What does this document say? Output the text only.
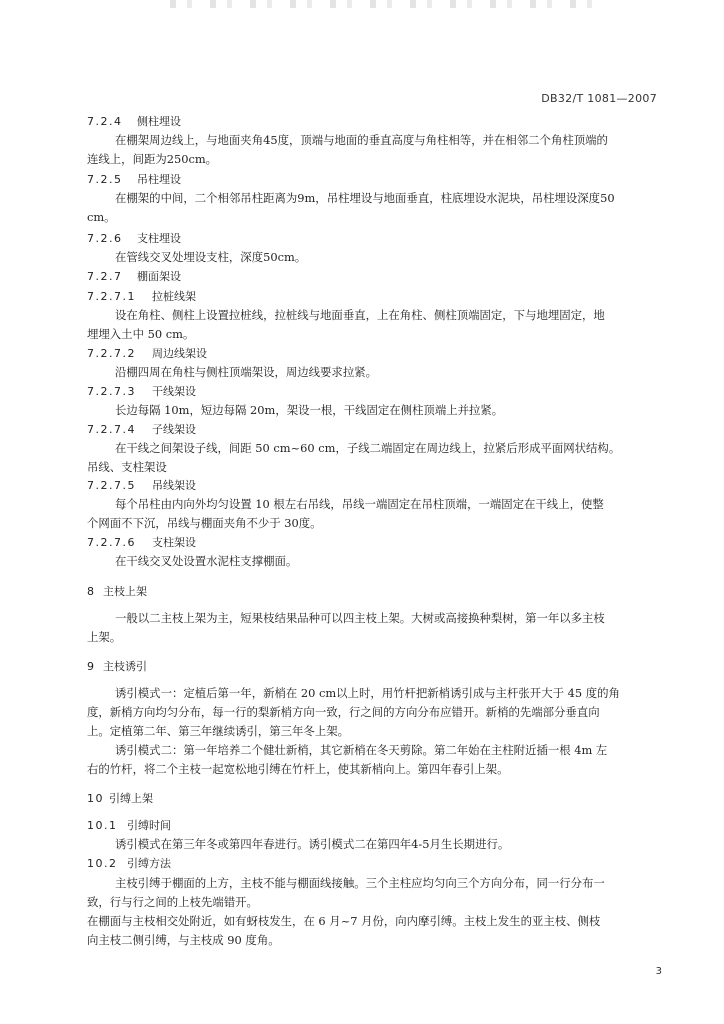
DB32/T 1081—2007
7.2.4 侧柱埋设
在棚架周边线上，与地面夹角45度，顶端与地面的垂直高度与角柱相等，并在相邻二个角柱顶端的
连线上，间距为250cm。
7.2.5 吊柱埋设
在棚架的中间，二个相邻吊柱距离为9m，吊柱埋设与地面垂直，柱底埋设水泥块，吊柱埋设深度50
cm。
7.2.6 支柱埋设
在管线交叉处埋设支柱，深度50cm。
7.2.7 棚面架设
7.2.7.1 拉桩线架
设在角柱、侧柱上设置拉桩线，拉桩线与地面垂直，上在角柱、侧柱顶端固定，下与地埋固定，地
埋埋入土中 50 cm。
7.2.7.2 周边线架设
沿棚四周在角柱与侧柱顶端架设，周边线要求拉紧。
7.2.7.3 干线架设
长边每隔 10m，短边每隔 20m，架设一根，干线固定在侧柱顶端上并拉紧。
7.2.7.4 子线架设
在干线之间架设子线，间距 50 cm~60 cm，子线二端固定在周边线上，拉紧后形成平面网状结构。
吊线、支柱架设
7.2.7.5 吊线架设
每个吊柱由内向外均匀设置 10 根左右吊线，吊线一端固定在吊柱顶端，一端固定在干线上，使整
个网面不下沉，吊线与棚面夹角不少于 30度。
7.2.7.6 支柱架设
在干线交叉处设置水泥柱支撑棚面。
8 主枝上架
一般以二主枝上架为主，短果枝结果品种可以四主枝上架。大树或高接换种梨树，第一年以多主枝
上架。
9 主枝诱引
诱引模式一：定植后第一年，新梢在 20 cm以上时，用竹杆把新梢诱引成与主杆张开大于 45 度的角
度，新梢方向均匀分布，每一行的梨新梢方向一致，行之间的方向分布应错开。新梢的先端部分垂直向
上。定植第二年、第三年继续诱引，第三年冬上架。
诱引模式二：第一年培养二个健壮新梢，其它新梢在冬天剪除。第二年始在主柱附近插一根 4m 左
右的竹杆，将二个主枝一起宽松地引缚在竹杆上，使其新梢向上。第四年春引上架。
10 引缚上架
10.1 引缚时间
诱引模式在第三年冬或第四年春进行。诱引模式二在第四年4-5月生长期进行。
10.2 引缚方法
主枝引缚于棚面的上方，主枝不能与棚面线接触。三个主柱应均匀向三个方向分布，同一行分布一
致，行与行之间的上枝先端错开。
在棚面与主枝相交处附近，如有蚜枝发生，在 6 月~7 月份，向内摩引缚。主枝上发生的亚主枝、侧枝
向主枝二侧引缚，与主枝成 90 度角。
3
